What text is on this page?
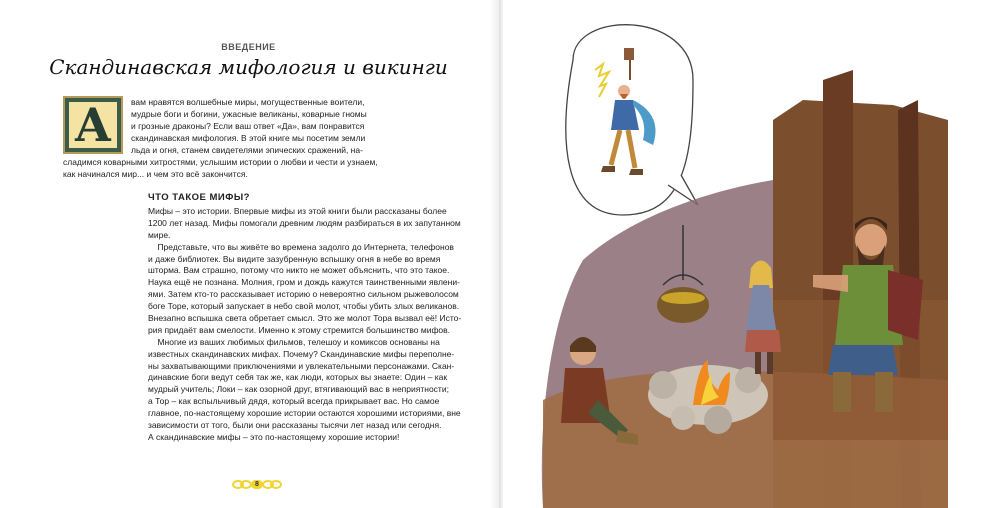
ВВЕДЕНИЕ
Скандинавская мифология и викинги
А	вам нравятся волшебные миры, могущественные воители,
мудрые боги и богини, ужасные великаны, коварные гномы
и грозные драконы? Если ваш ответ «Да», вам понравится
скандинавская мифология. В этой книге мы посетим земли
льда и огня, станем свидетелями эпических сражений, на-
сладимся коварными хитростями, услышим истории о любви и чести и узнаем,
как начинался мир... и чем это всё закончится.
ЧТО ТАКОЕ МИФЫ?
Мифы – это истории. Впервые мифы из этой книги были рассказаны более
1200 лет назад. Мифы помогали древним людям разбираться в их запутанном
мире.
Представьте, что вы живёте во времена задолго до Интернета, телефонов
и даже библиотек. Вы видите зазубренную вспышку огня в небе во время
шторма. Вам страшно, потому что никто не может объяснить, что это такое.
Наука ещё не познана. Молния, гром и дождь кажутся таинственными явлени-
ями. Затем кто-то рассказывает историю о невероятно сильном рыжеволосом
боге Торе, который запускает в небо свой молот, чтобы убить злых великанов.
Внезапно вспышка света обретает смысл. Это же молот Тора вызвал её! Исто-
рия придаёт вам смелости. Именно к этому стремится большинство мифов.
Многие из ваших любимых фильмов, телешоу и комиксов основаны на
известных скандинавских мифах. Почему? Скандинавские мифы переполне-
ны захватывающими приключениями и увлекательными персонажами. Скан-
динавские боги ведут себя так же, как люди, которых вы знаете: Один – как
мудрый учитель; Локи – как озорной друг, втягивающий вас в неприятности;
а Тор – как вспыльчивый дядя, который всегда прикрывает вас. Но самое
главное, по-настоящему хорошие истории остаются хорошими историями, вне
зависимости от того, были они рассказаны тысячи лет назад или сегодня.
А скандинавские мифы – это по-настоящему хорошие истории!
8
